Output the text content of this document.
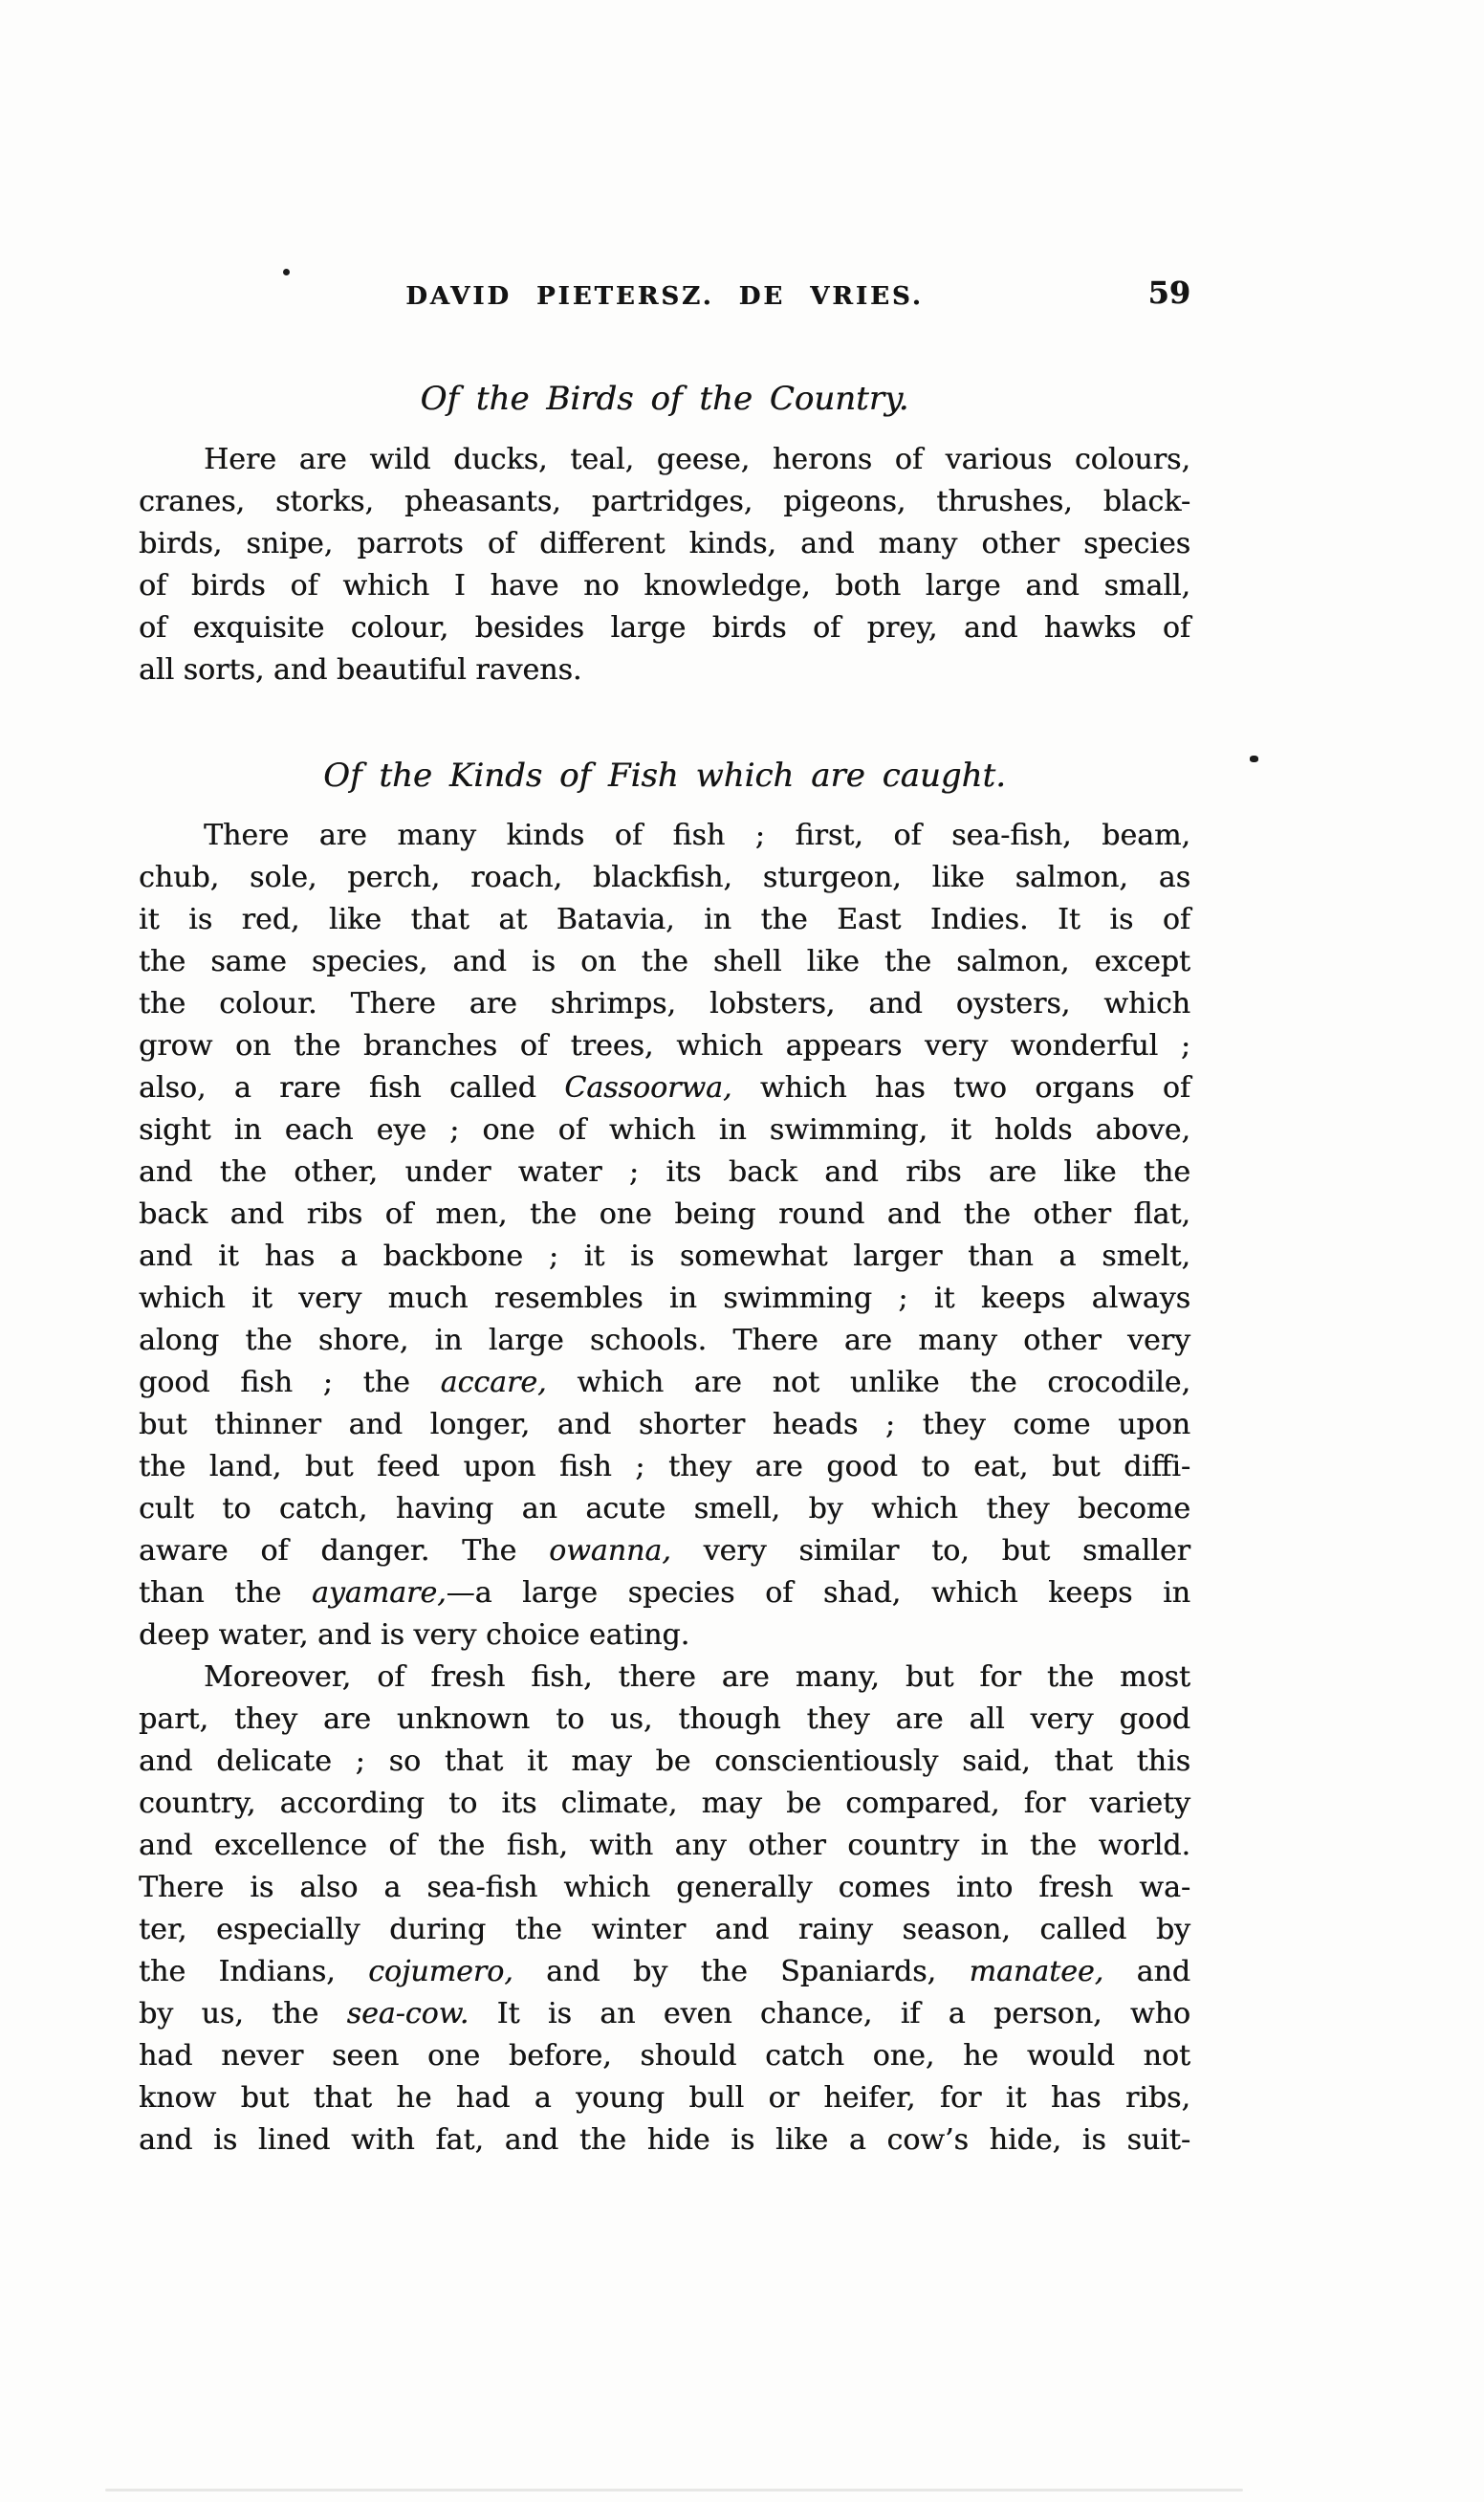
DAVID PIETERSZ. DE VRIES.	59
Of the Birds of the Country.
Here are wild ducks, teal, geese, herons of various colours,
cranes, storks, pheasants, partridges, pigeons, thrushes, black-
birds, snipe, parrots of different kinds, and many other species
of birds of which I have no knowledge, both large and small,
of exquisite colour, besides large birds of prey, and hawks of
all sorts, and beautiful ravens.
Of the Kinds of Fish which are caught.
There are many kinds of fish ; first, of sea-fish, beam,
chub, sole, perch, roach, blackfish, sturgeon, like salmon, as
it is red, like that at Batavia, in the East Indies. It is of
the same species, and is on the shell like the salmon, except
the colour. There are shrimps, lobsters, and oysters, which
grow on the branches of trees, which appears very wonderful ;
also, a rare fish called Cassoorwa, which has two organs of
sight in each eye ; one of which in swimming, it holds above,
and the other, under water ; its back and ribs are like the
back and ribs of men, the one being round and the other flat,
and it has a backbone ; it is somewhat larger than a smelt,
which it very much resembles in swimming ; it keeps always
along the shore, in large schools. There are many other very
good fish ; the accare, which are not unlike the crocodile,
but thinner and longer, and shorter heads ; they come upon
the land, but feed upon fish ; they are good to eat, but diffi-
cult to catch, having an acute smell, by which they become
aware of danger. The owanna, very similar to, but smaller
than the ayamare,—a large species of shad, which keeps in
deep water, and is very choice eating.
Moreover, of fresh fish, there are many, but for the most
part, they are unknown to us, though they are all very good
and delicate ; so that it may be conscientiously said, that this
country, according to its climate, may be compared, for variety
and excellence of the fish, with any other country in the world.
There is also a sea-fish which generally comes into fresh wa-
ter, especially during the winter and rainy season, called by
the Indians, cojumero, and by the Spaniards, manatee, and
by us, the sea-cow. It is an even chance, if a person, who
had never seen one before, should catch one, he would not
know but that he had a young bull or heifer, for it has ribs,
and is lined with fat, and the hide is like a cow’s hide, is suit-
